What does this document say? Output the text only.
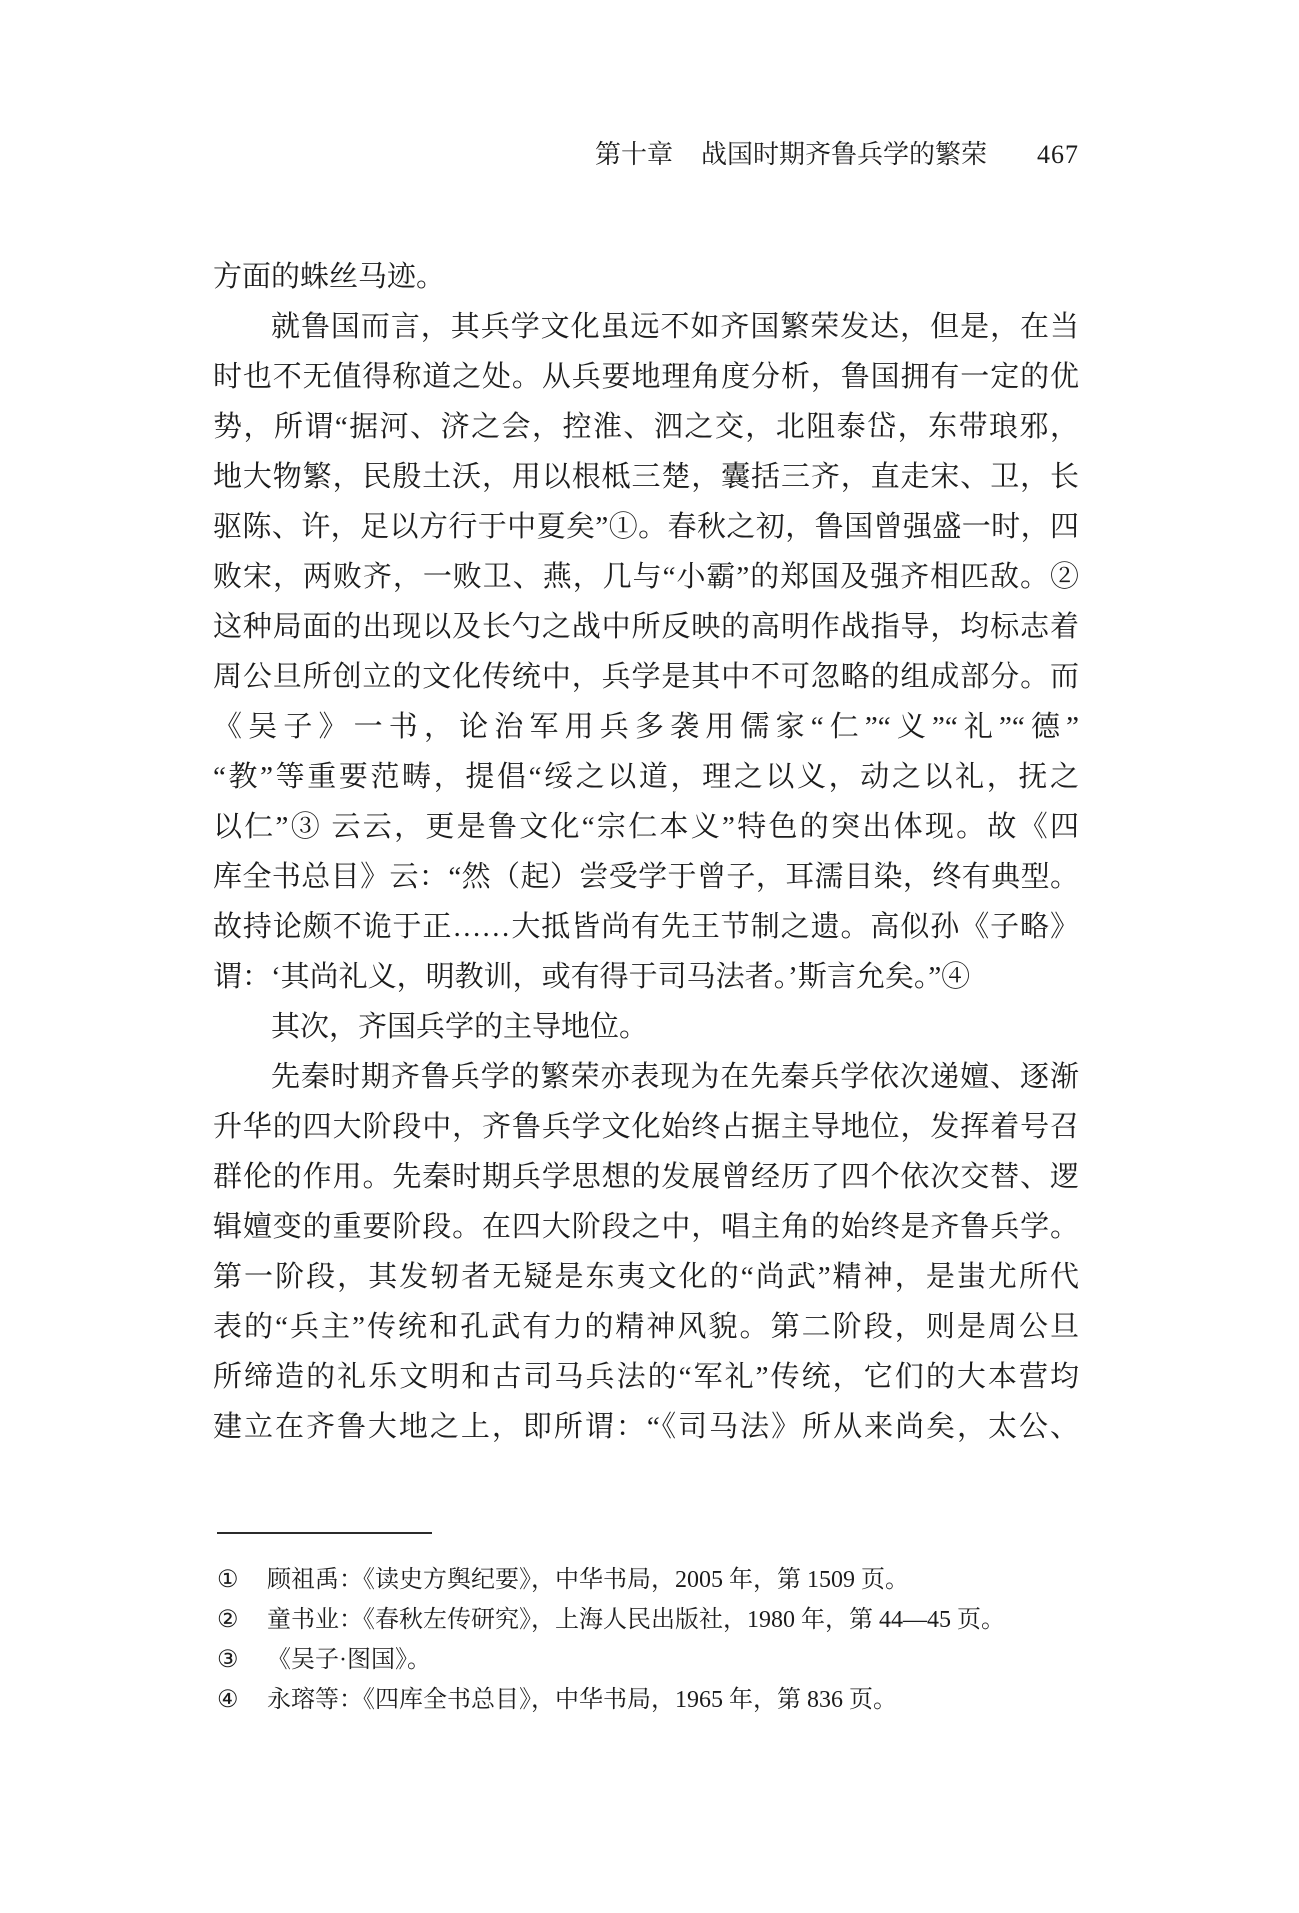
第十章 战国时期齐鲁兵学的繁荣 467
方面的蛛丝马迹。
就鲁国而言，其兵学文化虽远不如齐国繁荣发达，但是，在当
时也不无值得称道之处。从兵要地理角度分析，鲁国拥有一定的优
势，所谓“据河、济之会，控淮、泗之交，北阻泰岱，东带琅邪，
地大物繁，民殷土沃，用以根柢三楚，囊括三齐，直走宋、卫，长
驱陈、许，足以方行于中夏矣”①。春秋之初，鲁国曾强盛一时，四
败宋，两败齐，一败卫、燕，几与“小霸”的郑国及强齐相匹敌。②
这种局面的出现以及长勺之战中所反映的高明作战指导，均标志着
周公旦所创立的文化传统中，兵学是其中不可忽略的组成部分。而
《吴子》一书，论治军用兵多袭用儒家“仁”“义”“礼”“德”
“教”等重要范畴，提倡“绥之以道，理之以义，动之以礼，抚之
以仁”③ 云云，更是鲁文化“宗仁本义”特色的突出体现。故《四
库全书总目》云：“然（起）尝受学于曾子，耳濡目染，终有典型。
故持论颇不诡于正……大抵皆尚有先王节制之遗。高似孙《子略》
谓：‘其尚礼义，明教训，或有得于司马法者。’斯言允矣。”④
其次，齐国兵学的主导地位。
先秦时期齐鲁兵学的繁荣亦表现为在先秦兵学依次递嬗、逐渐
升华的四大阶段中，齐鲁兵学文化始终占据主导地位，发挥着号召
群伦的作用。先秦时期兵学思想的发展曾经历了四个依次交替、逻
辑嬗变的重要阶段。在四大阶段之中，唱主角的始终是齐鲁兵学。
第一阶段，其发轫者无疑是东夷文化的“尚武”精神，是蚩尤所代
表的“兵主”传统和孔武有力的精神风貌。第二阶段，则是周公旦
所缔造的礼乐文明和古司马兵法的“军礼”传统，它们的大本营均
建立在齐鲁大地之上，即所谓：“《司马法》所从来尚矣，太公、
①	顾祖禹：《读史方舆纪要》，中华书局，2005 年，第 1509 页。
②	童书业：《春秋左传研究》，上海人民出版社，1980 年，第 44—45 页。
③	《吴子·图国》。
④	永瑢等：《四库全书总目》，中华书局，1965 年，第 836 页。
